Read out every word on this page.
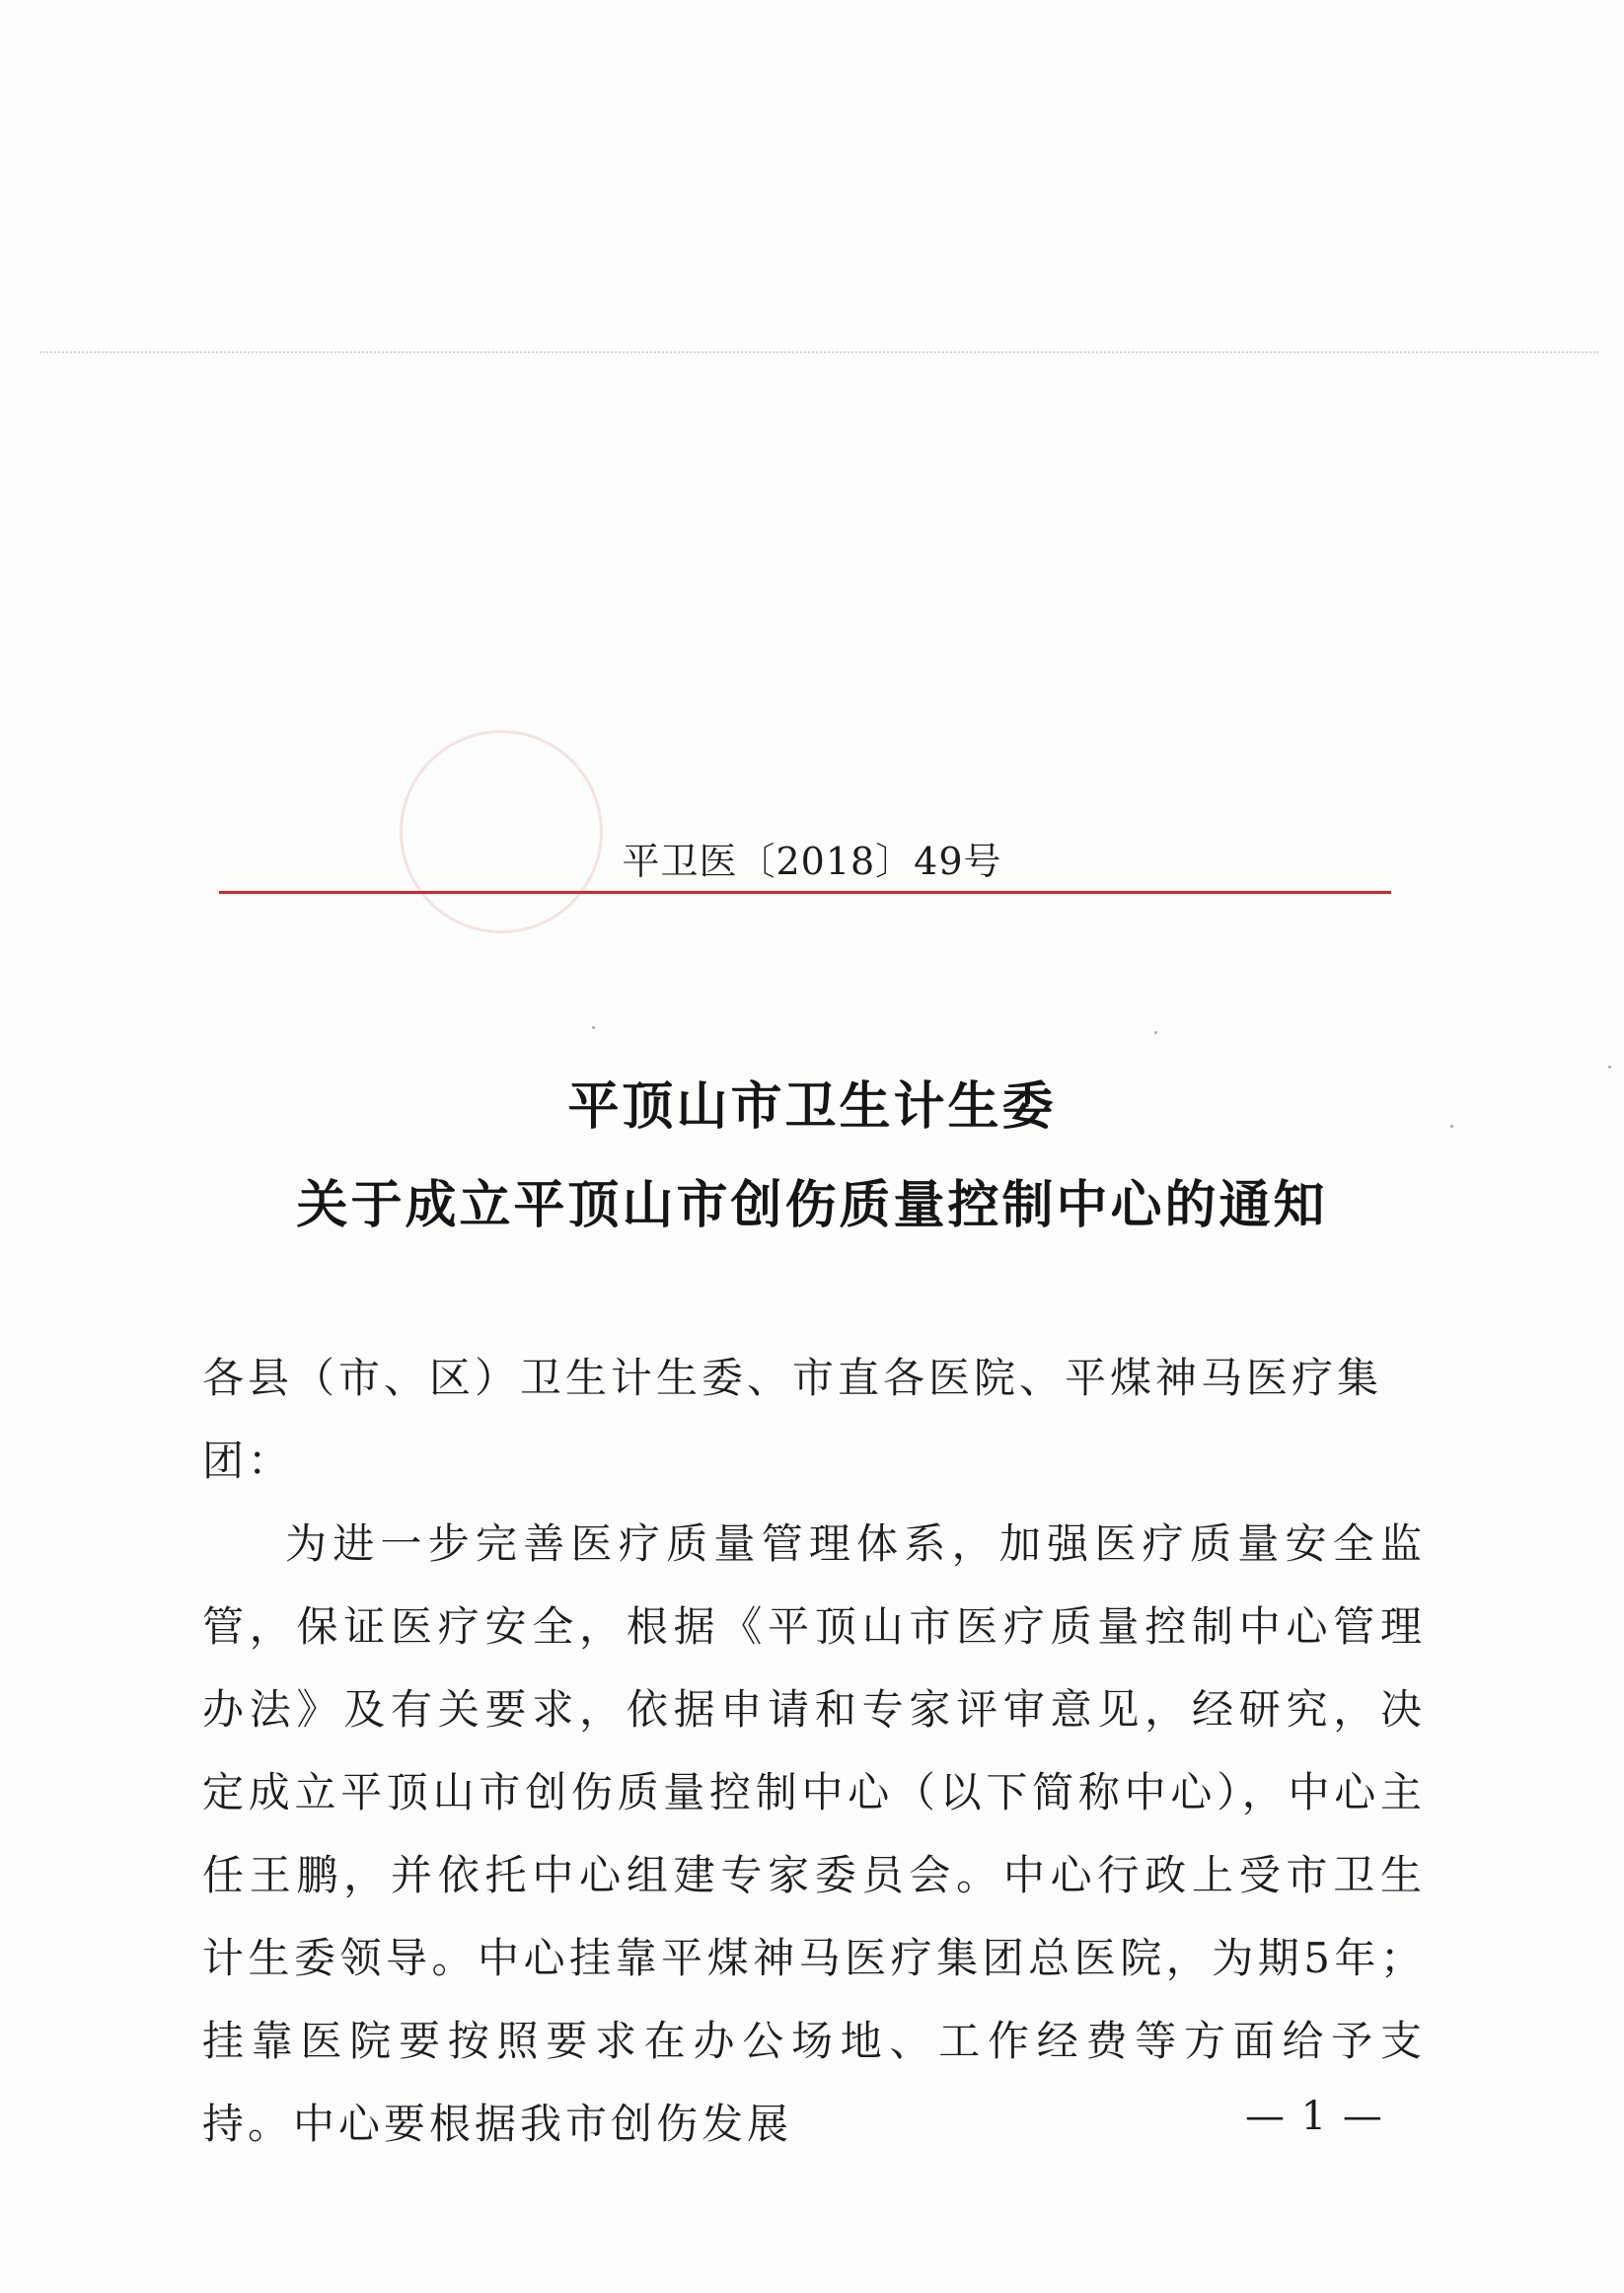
平卫医〔2018〕49号
平顶山市卫生计生委
关于成立平顶山市创伤质量控制中心的通知

各县（市、区）卫生计生委、市直各医院、平煤神马医疗集团：

为进一步完善医疗质量管理体系，加强医疗质量安全监管，保证医疗安全，根据《平顶山市医疗质量控制中心管理办法》及有关要求，依据申请和专家评审意见，经研究，决定成立平顶山市创伤质量控制中心（以下简称中心），中心主任王鹏，并依托中心组建专家委员会。中心行政上受市卫生计生委领导。中心挂靠平煤神马医疗集团总医院，为期5年；挂靠医院要按照要求在办公场地、工作经费等方面给予支持。中心要根据我市创伤发展	— 1 —
